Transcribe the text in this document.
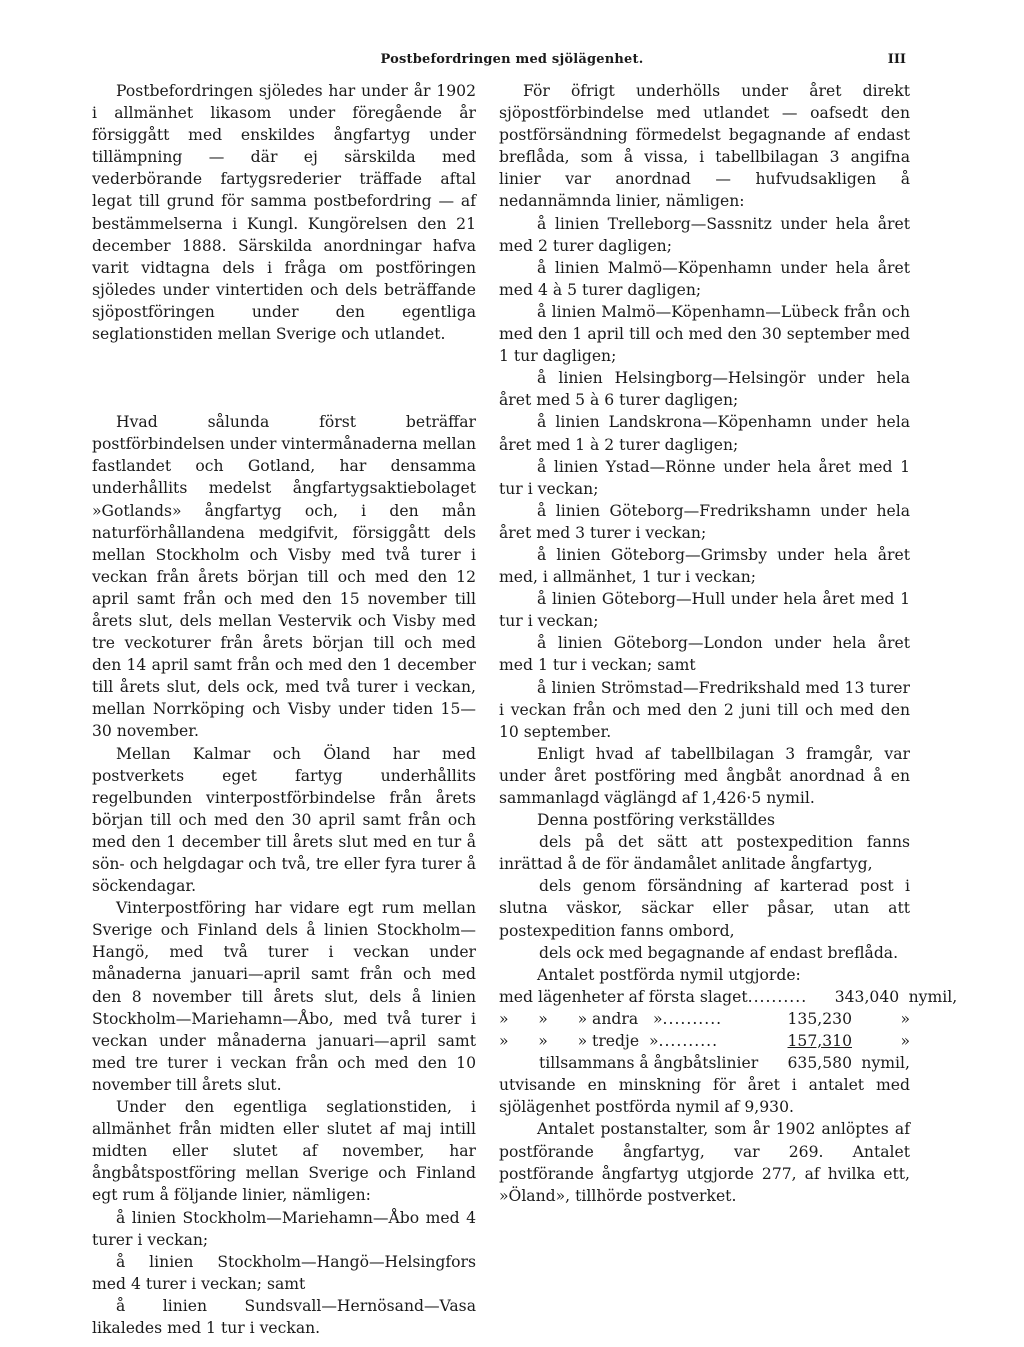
Postbefordringen med sjölägenhet.	III

Postbefordringen sjöledes har under år 1902 i allmänhet likasom under föregående år försiggått med enskildes ångfartyg under tillämpning — där ej särskilda med vederbörande fartygsrederier träffade aftal legat till grund för samma postbefordring — af bestämmelserna i Kungl. Kungörelsen den 21 december 1888. Särskilda anordningar hafva varit vidtagna dels i fråga om postföringen sjöledes under vintertiden och dels beträffande sjöpostföringen under den egentliga seglationstiden mellan Sverige och utlandet.

Hvad sålunda först beträffar postförbindelsen under vintermånaderna mellan fastlandet och Gotland, har densamma underhållits medelst ångfartygsaktiebolaget »Gotlands» ångfartyg och, i den mån naturförhållandena medgifvit, försiggått dels mellan Stockholm och Visby med två turer i veckan från årets början till och med den 12 april samt från och med den 15 november till årets slut, dels mellan Vestervik och Visby med tre veckoturer från årets början till och med den 14 april samt från och med den 1 december till årets slut, dels ock, med två turer i veckan, mellan Norrköping och Visby under tiden 15—30 november.

Mellan Kalmar och Öland har med postverkets eget fartyg underhållits regelbunden vinterpostförbindelse från årets början till och med den 30 april samt från och med den 1 december till årets slut med en tur å sön- och helgdagar och två, tre eller fyra turer å söckendagar.

Vinterpostföring har vidare egt rum mellan Sverige och Finland dels å linien Stockholm—Hangö, med två turer i veckan under månaderna januari—april samt från och med den 8 november till årets slut, dels å linien Stockholm—Mariehamn—Åbo, med två turer i veckan under månaderna januari—april samt med tre turer i veckan från och med den 10 november till årets slut.

Under den egentliga seglationstiden, i allmänhet från midten eller slutet af maj intill midten eller slutet af november, har ångbåtspostföring mellan Sverige och Finland egt rum å följande linier, nämligen:

å linien Stockholm—Mariehamn—Åbo med 4 turer i veckan;

å linien Stockholm—Hangö—Helsingfors med 4 turer i veckan; samt

å linien Sundsvall—Hernösand—Vasa likaledes med 1 tur i veckan.

För öfrigt underhölls under året direkt sjöpostförbindelse med utlandet — oafsedt den postförsändning förmedelst begagnande af endast breflåda, som å vissa, i tabellbilagan 3 angifna linier var anordnad — hufvudsakligen å nedannämnda linier, nämligen:

å linien Trelleborg—Sassnitz under hela året med 2 turer dagligen;

å linien Malmö—Köpenhamn under hela året med 4 à 5 turer dagligen;

å linien Malmö—Köpenhamn—Lübeck från och med den 1 april till och med den 30 september med 1 tur dagligen;

å linien Helsingborg—Helsingör under hela året med 5 à 6 turer dagligen;

å linien Landskrona—Köpenhamn under hela året med 1 à 2 turer dagligen;

å linien Ystad—Rönne under hela året med 1 tur i veckan;

å linien Göteborg—Fredrikshamn under hela året med 3 turer i veckan;

å linien Göteborg—Grimsby under hela året med, i allmänhet, 1 tur i veckan;

å linien Göteborg—Hull under hela året med 1 tur i veckan;

å linien Göteborg—London under hela året med 1 tur i veckan; samt

å linien Strömstad—Fredrikshald med 13 turer i veckan från och med den 2 juni till och med den 10 september.

Enligt hvad af tabellbilagan 3 framgår, var under året postföring med ångbåt anordnad å en sammanlagd väglängd af 1,426·5 nymil.

Denna postföring verkställdes

dels på det sätt att postexpedition fanns inrättad å de för ändamålet anlitade ångfartyg,

dels genom försändning af karterad post i slutna väskor, säckar eller påsar, utan att postexpedition fanns ombord,

dels ock med begagnande af endast breflåda.

Antalet postförda nymil utgjorde:

med lägenheter af första slaget ..........	343,040 nymil,
»      »      » andra   » ..........	135,230	»
»      »      » tredje  » ..........	157,310	»
tillsammans å ångbåtslinier	635,580 nymil,

utvisande en minskning för året i antalet med sjölägenhet postförda nymil af 9,930.

Antalet postanstalter, som år 1902 anlöptes af postförande ångfartyg, var 269. Antalet postförande ångfartyg utgjorde 277, af hvilka ett, »Öland», tillhörde postverket.
